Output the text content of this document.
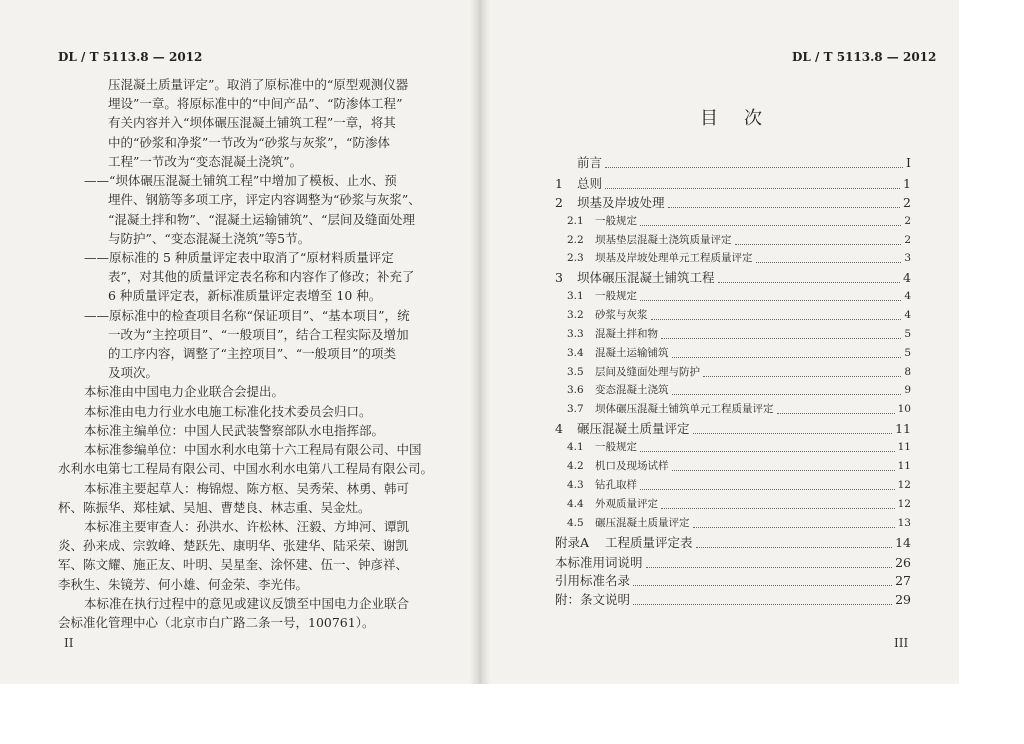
DL / T 5113.8 — 2012
压混凝土质量评定”。取消了原标准中的“原型观测仪器
埋设”一章。将原标准中的“中间产品”、“防渗体工程”
有关内容并入“坝体碾压混凝土铺筑工程”一章，将其
中的“砂浆和净浆”一节改为“砂浆与灰浆”，“防渗体
工程”一节改为“变态混凝土浇筑”。
——“坝体碾压混凝土铺筑工程”中增加了模板、止水、预
埋件、钢筋等多项工序，评定内容调整为“砂浆与灰浆”、
“混凝土拌和物”、“混凝土运输铺筑”、“层间及缝面处理
与防护”、“变态混凝土浇筑”等5节。
——原标准的 5 种质量评定表中取消了“原材料质量评定
表”，对其他的质量评定表名称和内容作了修改；补充了
6 种质量评定表，新标准质量评定表增至 10 种。
——原标准中的检查项目名称“保证项目”、“基本项目”，统
一改为“主控项目”、“一般项目”，结合工程实际及增加
的工序内容，调整了“主控项目”、“一般项目”的项类
及项次。
本标准由中国电力企业联合会提出。
本标准由电力行业水电施工标准化技术委员会归口。
本标准主编单位：中国人民武装警察部队水电指挥部。
本标准参编单位：中国水利水电第十六工程局有限公司、中国
水利水电第七工程局有限公司、中国水利水电第八工程局有限公司。
本标准主要起草人：梅锦煜、陈方枢、吴秀荣、林勇、韩可
杯、陈振华、郑桂斌、吴旭、曹楚良、林志重、吴金灶。
本标准主要审查人：孙洪水、许松林、汪毅、方坤河、谭凯
炎、孙来成、宗敦峰、楚跃先、康明华、张建华、陆采荣、谢凯
军、陈文耀、施正友、叶明、吴星奎、涂怀建、伍一、钟彦祥、
李秋生、朱镜芳、何小雄、何金荣、李光伟。
本标准在执行过程中的意见或建议反馈至中国电力企业联合
会标准化管理中心（北京市白广路二条一号，100761）。
II
DL / T 5113.8 — 2012
目次
前言	Ⅰ
1	总则	1
2	坝基及岸坡处理	2
2.1	一般规定	2
2.2	坝基垫层混凝土浇筑质量评定	2
2.3	坝基及岸坡处理单元工程质量评定	3
3	坝体碾压混凝土铺筑工程	4
3.1	一般规定	4
3.2	砂浆与灰浆	4
3.3	混凝土拌和物	5
3.4	混凝土运输铺筑	5
3.5	层间及缝面处理与防护	8
3.6	变态混凝土浇筑	9
3.7	坝体碾压混凝土铺筑单元工程质量评定	10
4	碾压混凝土质量评定	11
4.1	一般规定	11
4.2	机口及现场试样	11
4.3	钻孔取样	12
4.4	外观质量评定	12
4.5	碾压混凝土质量评定	13
附录A	工程质量评定表	14
本标准用词说明	26
引用标准名录	27
附：条文说明	29
III
